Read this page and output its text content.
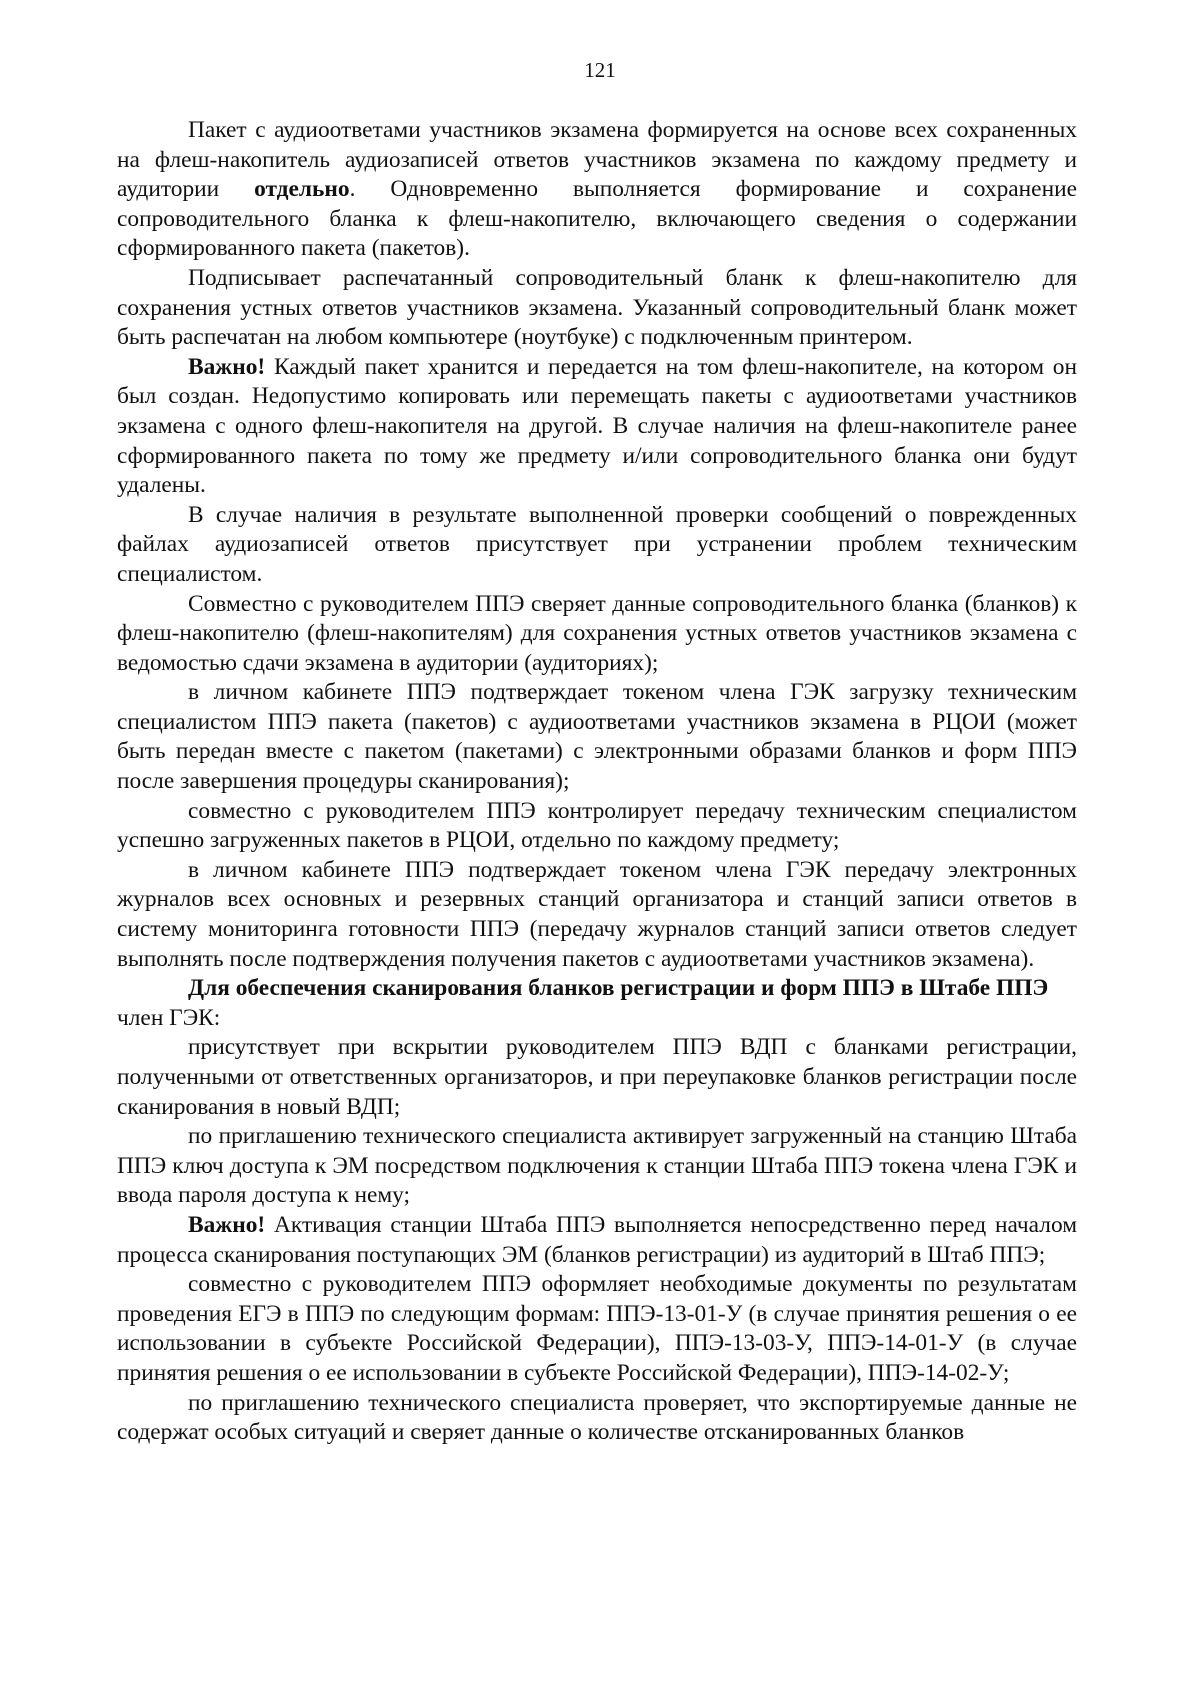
121

Пакет с аудиоответами участников экзамена формируется на основе всех сохраненных на флеш-накопитель аудиозаписей ответов участников экзамена по каждому предмету и аудитории отдельно. Одновременно выполняется формирование и сохранение сопроводительного бланка к флеш-накопителю, включающего сведения о содержании сформированного пакета (пакетов).

Подписывает распечатанный сопроводительный бланк к флеш-накопителю для сохранения устных ответов участников экзамена. Указанный сопроводительный бланк может быть распечатан на любом компьютере (ноутбуке) с подключенным принтером.

Важно! Каждый пакет хранится и передается на том флеш-накопителе, на котором он был создан. Недопустимо копировать или перемещать пакеты с аудиоответами участников экзамена с одного флеш-накопителя на другой. В случае наличия на флеш-накопителе ранее сформированного пакета по тому же предмету и/или сопроводительного бланка они будут удалены.

В случае наличия в результате выполненной проверки сообщений о поврежденных файлах аудиозаписей ответов присутствует при устранении проблем техническим специалистом.

Совместно с руководителем ППЭ сверяет данные сопроводительного бланка (бланков) к флеш-накопителю (флеш-накопителям) для сохранения устных ответов участников экзамена с ведомостью сдачи экзамена в аудитории (аудиториях);

в личном кабинете ППЭ подтверждает токеном члена ГЭК загрузку техническим специалистом ППЭ пакета (пакетов) с аудиоответами участников экзамена в РЦОИ (может быть передан вместе с пакетом (пакетами) с электронными образами бланков и форм ППЭ после завершения процедуры сканирования);

совместно с руководителем ППЭ контролирует передачу техническим специалистом успешно загруженных пакетов в РЦОИ, отдельно по каждому предмету;

в личном кабинете ППЭ подтверждает токеном члена ГЭК передачу электронных журналов всех основных и резервных станций организатора и станций записи ответов в систему мониторинга готовности ППЭ (передачу журналов станций записи ответов следует выполнять после подтверждения получения пакетов с аудиоответами участников экзамена).

Для обеспечения сканирования бланков регистрации и форм ППЭ в Штабе ППЭ

член ГЭК:

присутствует при вскрытии руководителем ППЭ ВДП с бланками регистрации, полученными от ответственных организаторов, и при переупаковке бланков регистрации после сканирования в новый ВДП;

по приглашению технического специалиста активирует загруженный на станцию Штаба ППЭ ключ доступа к ЭМ посредством подключения к станции Штаба ППЭ токена члена ГЭК и ввода пароля доступа к нему;

Важно! Активация станции Штаба ППЭ выполняется непосредственно перед началом процесса сканирования поступающих ЭМ (бланков регистрации) из аудиторий в Штаб ППЭ;

совместно с руководителем ППЭ оформляет необходимые документы по результатам проведения ЕГЭ в ППЭ по следующим формам: ППЭ-13-01-У (в случае принятия решения о ее использовании в субъекте Российской Федерации), ППЭ-13-03-У, ППЭ-14-01-У (в случае принятия решения о ее использовании в субъекте Российской Федерации), ППЭ-14-02-У;

по приглашению технического специалиста проверяет, что экспортируемые данные не содержат особых ситуаций и сверяет данные о количестве отсканированных бланков
